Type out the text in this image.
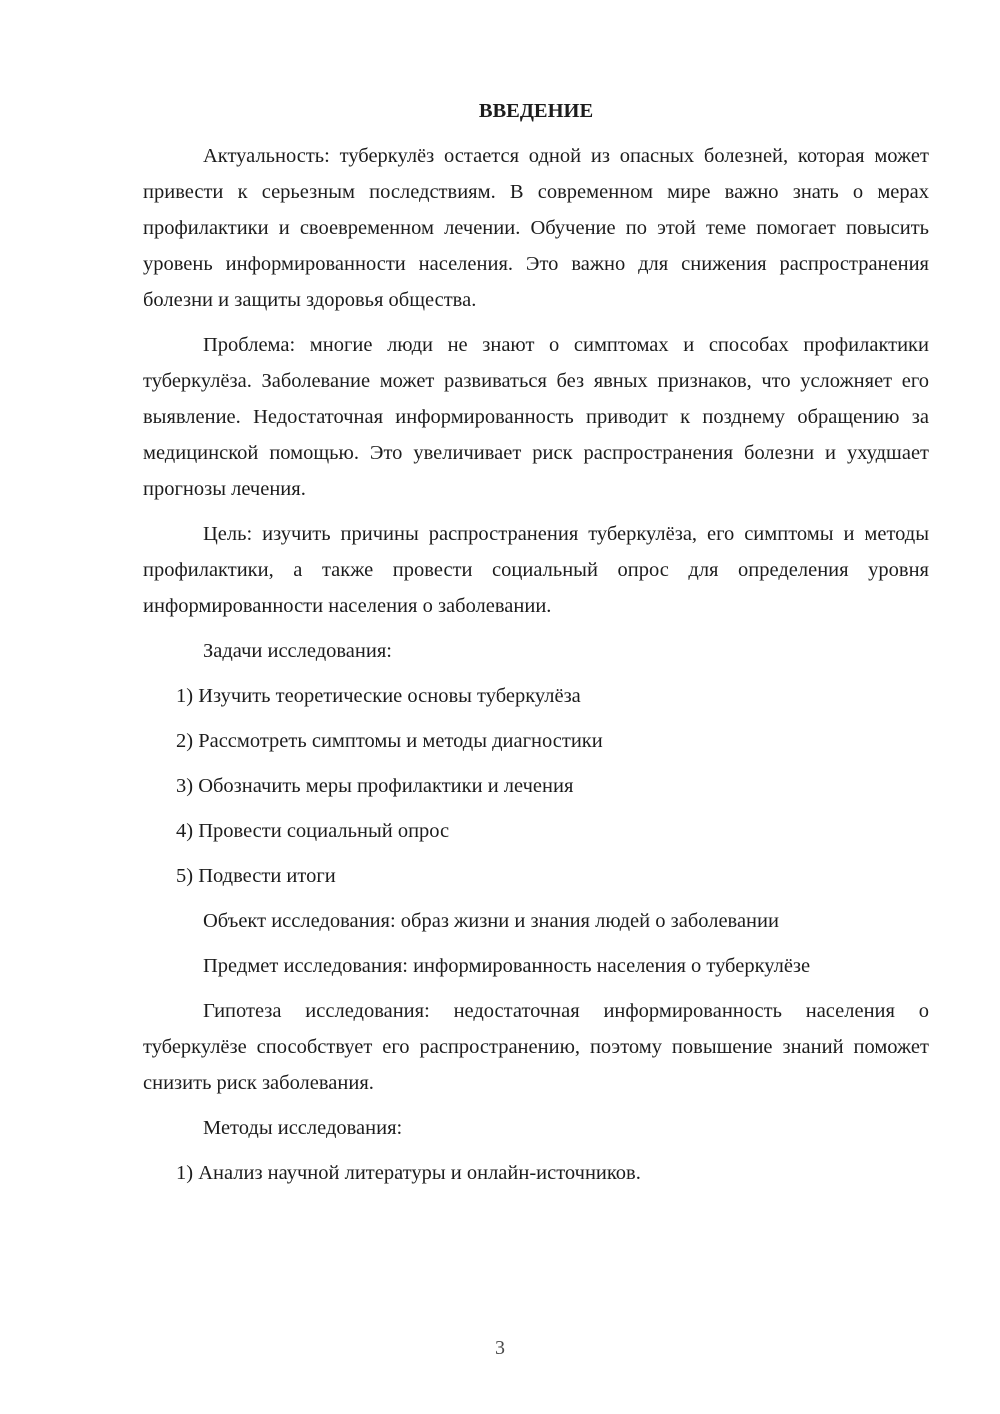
ВВЕДЕНИЕ

Актуальность: туберкулёз остается одной из опасных болезней, которая может привести к серьезным последствиям. В современном мире важно знать о мерах профилактики и своевременном лечении. Обучение по этой теме помогает повысить уровень информированности населения. Это важно для снижения распространения болезни и защиты здоровья общества.

Проблема: многие люди не знают о симптомах и способах профилактики туберкулёза. Заболевание может развиваться без явных признаков, что усложняет его выявление. Недостаточная информированность приводит к позднему обращению за медицинской помощью. Это увеличивает риск распространения болезни и ухудшает прогнозы лечения.

Цель: изучить причины распространения туберкулёза, его симптомы и методы профилактики, а также провести социальный опрос для определения уровня информированности населения о заболевании.

Задачи исследования:

1) Изучить теоретические основы туберкулёза

2) Рассмотреть симптомы и методы диагностики

3) Обозначить меры профилактики и лечения

4) Провести социальный опрос

5) Подвести итоги

Объект исследования: образ жизни и знания людей о заболевании

Предмет исследования: информированность населения о туберкулёзе

Гипотеза исследования: недостаточная информированность населения о туберкулёзе способствует его распространению, поэтому повышение знаний поможет снизить риск заболевания.

Методы исследования:

1) Анализ научной литературы и онлайн-источников.

3
